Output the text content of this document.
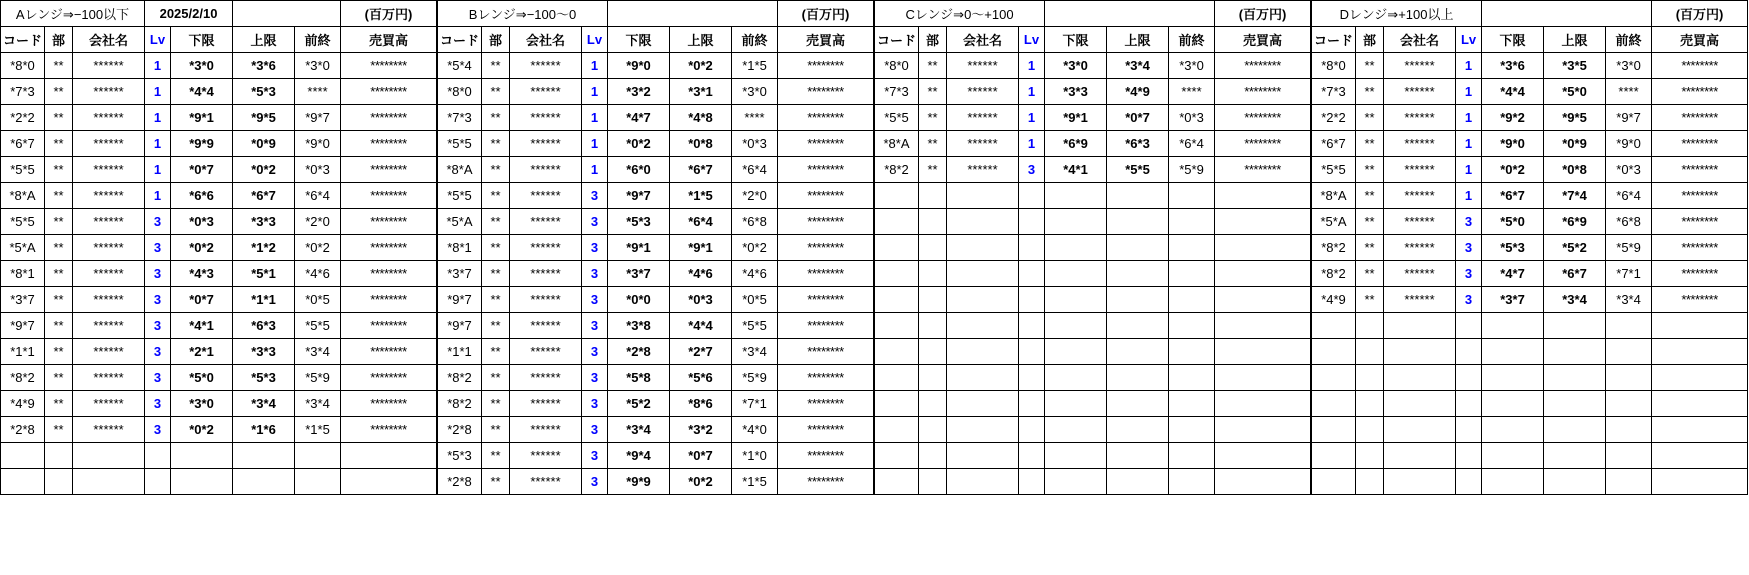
Aレンジ⇒−100以下			2025/2/10				(百万円)
コード	部	会社名	Lv	下限	上限	前終	売買高
*8*0	**	******	1	*3*0	*3*6	*3*0	********
*7*3	**	******	1	*4*4	*5*3	****	********
*2*2	**	******	1	*9*1	*9*5	*9*7	********
*6*7	**	******	1	*9*9	*0*9	*9*0	********
*5*5	**	******	1	*0*7	*0*2	*0*3	********
*8*A	**	******	1	*6*6	*6*7	*6*4	********
*5*5	**	******	3	*0*3	*3*3	*2*0	********
*5*A	**	******	3	*0*2	*1*2	*0*2	********
*8*1	**	******	3	*4*3	*5*1	*4*6	********
*3*7	**	******	3	*0*7	*1*1	*0*5	********
*9*7	**	******	3	*4*1	*6*3	*5*5	********
*1*1	**	******	3	*2*1	*3*3	*3*4	********
*8*2	**	******	3	*5*0	*5*3	*5*9	********
*4*9	**	******	3	*3*0	*3*4	*3*4	********
*2*8	**	******	3	*0*2	*1*6	*1*5	********

Bレンジ⇒−100〜0							(百万円)
コード	部	会社名	Lv	下限	上限	前終	売買高
*5*4	**	******	1	*9*0	*0*2	*1*5	********
*8*0	**	******	1	*3*2	*3*1	*3*0	********
*7*3	**	******	1	*4*7	*4*8	****	********
*5*5	**	******	1	*0*2	*0*8	*0*3	********
*8*A	**	******	1	*6*0	*6*7	*6*4	********
*5*5	**	******	3	*9*7	*1*5	*2*0	********
*5*A	**	******	3	*5*3	*6*4	*6*8	********
*8*1	**	******	3	*9*1	*9*1	*0*2	********
*3*7	**	******	3	*3*7	*4*6	*4*6	********
*9*7	**	******	3	*0*0	*0*3	*0*5	********
*9*7	**	******	3	*3*8	*4*4	*5*5	********
*1*1	**	******	3	*2*8	*2*7	*3*4	********
*8*2	**	******	3	*5*8	*5*6	*5*9	********
*8*2	**	******	3	*5*2	*8*6	*7*1	********
*2*8	**	******	3	*3*4	*3*2	*4*0	********
*5*3	**	******	3	*9*4	*0*7	*1*0	********
*2*8	**	******	3	*9*9	*0*2	*1*5	********
Cレンジ⇒0〜+100							(百万円)
コード	部	会社名	Lv	下限	上限	前終	売買高
*8*0	**	******	1	*3*0	*3*4	*3*0	********
*7*3	**	******	1	*3*3	*4*9	****	********
*5*5	**	******	1	*9*1	*0*7	*0*3	********
*8*A	**	******	1	*6*9	*6*3	*6*4	********
*8*2	**	******	3	*4*1	*5*5	*5*9	********

Dレンジ⇒+100以上							(百万円)
コード	部	会社名	Lv	下限	上限	前終	売買高
*8*0	**	******	1	*3*6	*3*5	*3*0	********
*7*3	**	******	1	*4*4	*5*0	****	********
*2*2	**	******	1	*9*2	*9*5	*9*7	********
*6*7	**	******	1	*9*0	*0*9	*9*0	********
*5*5	**	******	1	*0*2	*0*8	*0*3	********
*8*A	**	******	1	*6*7	*7*4	*6*4	********
*5*A	**	******	3	*5*0	*6*9	*6*8	********
*8*2	**	******	3	*5*3	*5*2	*5*9	********
*8*2	**	******	3	*4*7	*6*7	*7*1	********
*4*9	**	******	3	*3*7	*3*4	*3*4	********
